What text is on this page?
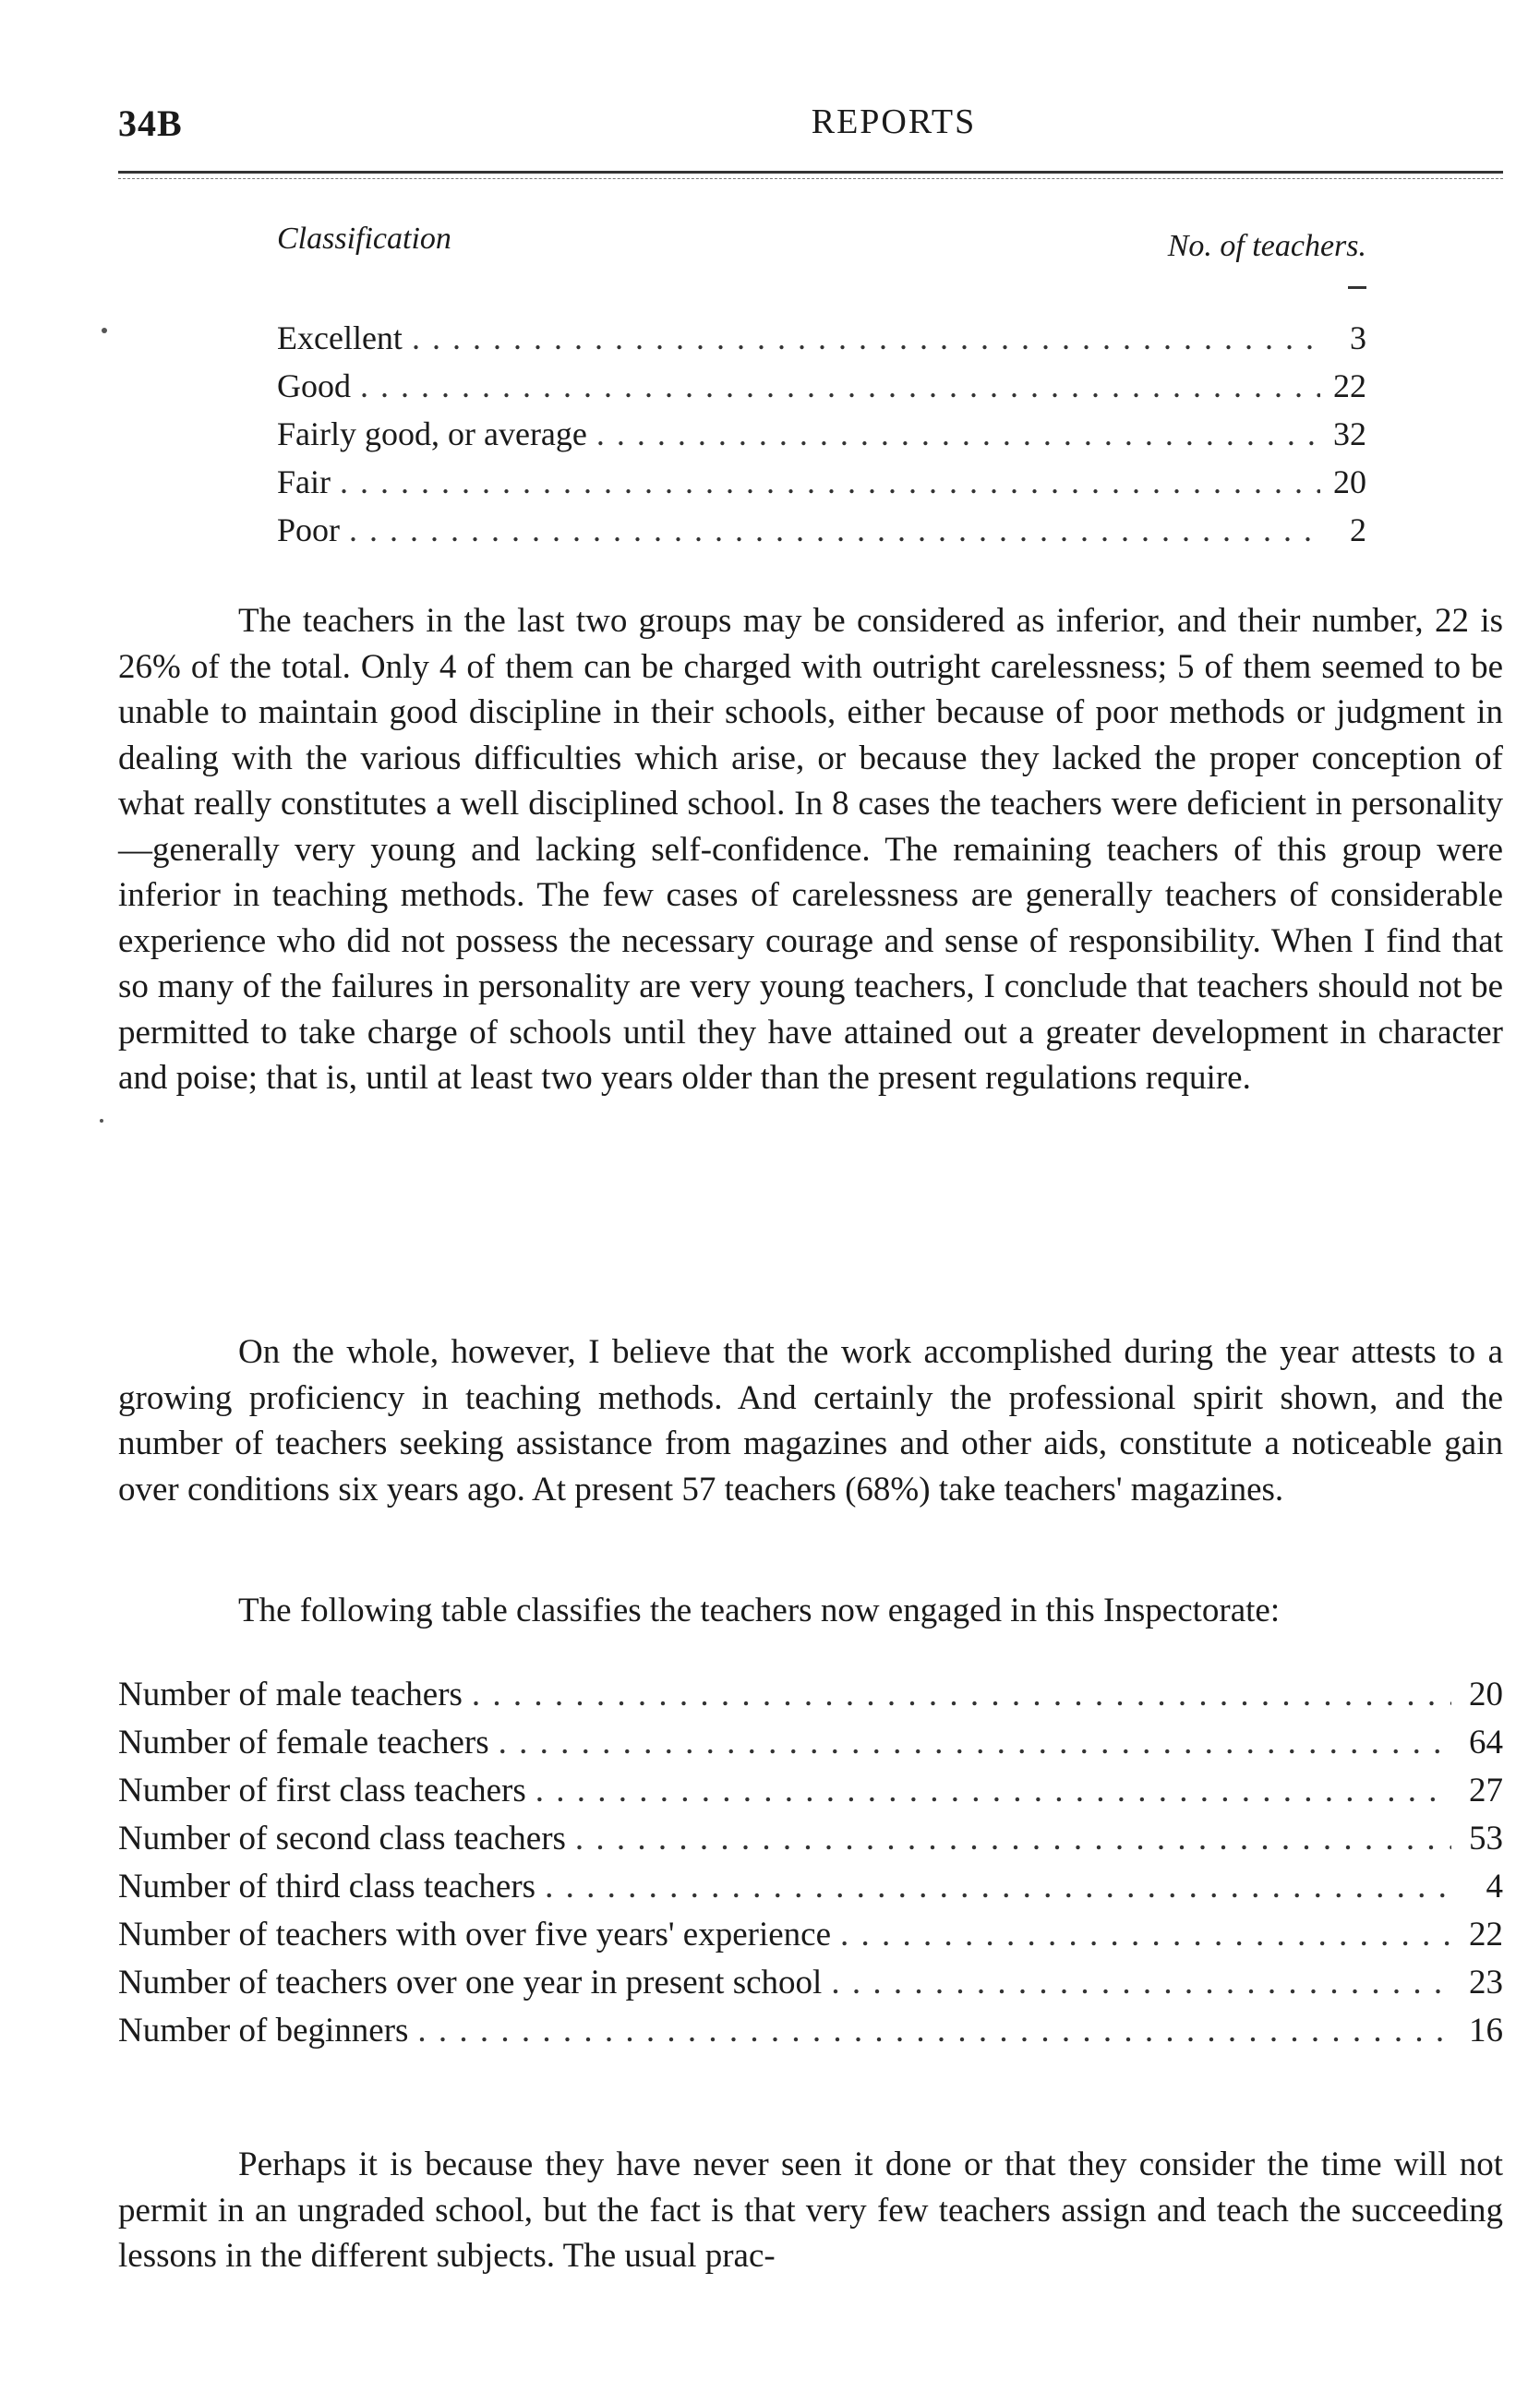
34B	REPORTS
Classification	No. of teachers.
Excellent . . .	3
Good . . .	22
Fairly good, or average . . .	32
Fair . . .	20
Poor . . .	2

The teachers in the last two groups may be considered as inferior, and their number, 22 is 26% of the total. Only 4 of them can be charged with outright carelessness; 5 of them seemed to be unable to maintain good discipline in their schools, either because of poor methods or judgment in dealing with the various difficulties which arise, or because they lacked the proper conception of what really constitutes a well disciplined school. In 8 cases the teachers were deficient in personality—generally very young and lacking self-confidence. The remaining teachers of this group were inferior in teaching methods. The few cases of carelessness are generally teachers of considerable experience who did not possess the necessary courage and sense of responsibility. When I find that so many of the failures in personality are very young teachers, I conclude that teachers should not be permitted to take charge of schools until they have attained out a greater development in character and poise; that is, until at least two years older than the present regulations require.

On the whole, however, I believe that the work accomplished during the year attests to a growing proficiency in teaching methods. And certainly the professional spirit shown, and the number of teachers seeking assistance from magazines and other aids, constitute a noticeable gain over conditions six years ago. At present 57 teachers (68%) take teachers' magazines.

The following table classifies the teachers now engaged in this Inspectorate:

Number of male teachers . . .	20
Number of female teachers . . .	64
Number of first class teachers . . .	27
Number of second class teachers . . .	53
Number of third class teachers . . .	4
Number of teachers with over five years' experience . . .	22
Number of teachers over one year in present school . . .	23
Number of beginners . . .	16

Perhaps it is because they have never seen it done or that they consider the time will not permit in an ungraded school, but the fact is that very few teachers assign and teach the succeeding lessons in the different subjects. The usual prac-
